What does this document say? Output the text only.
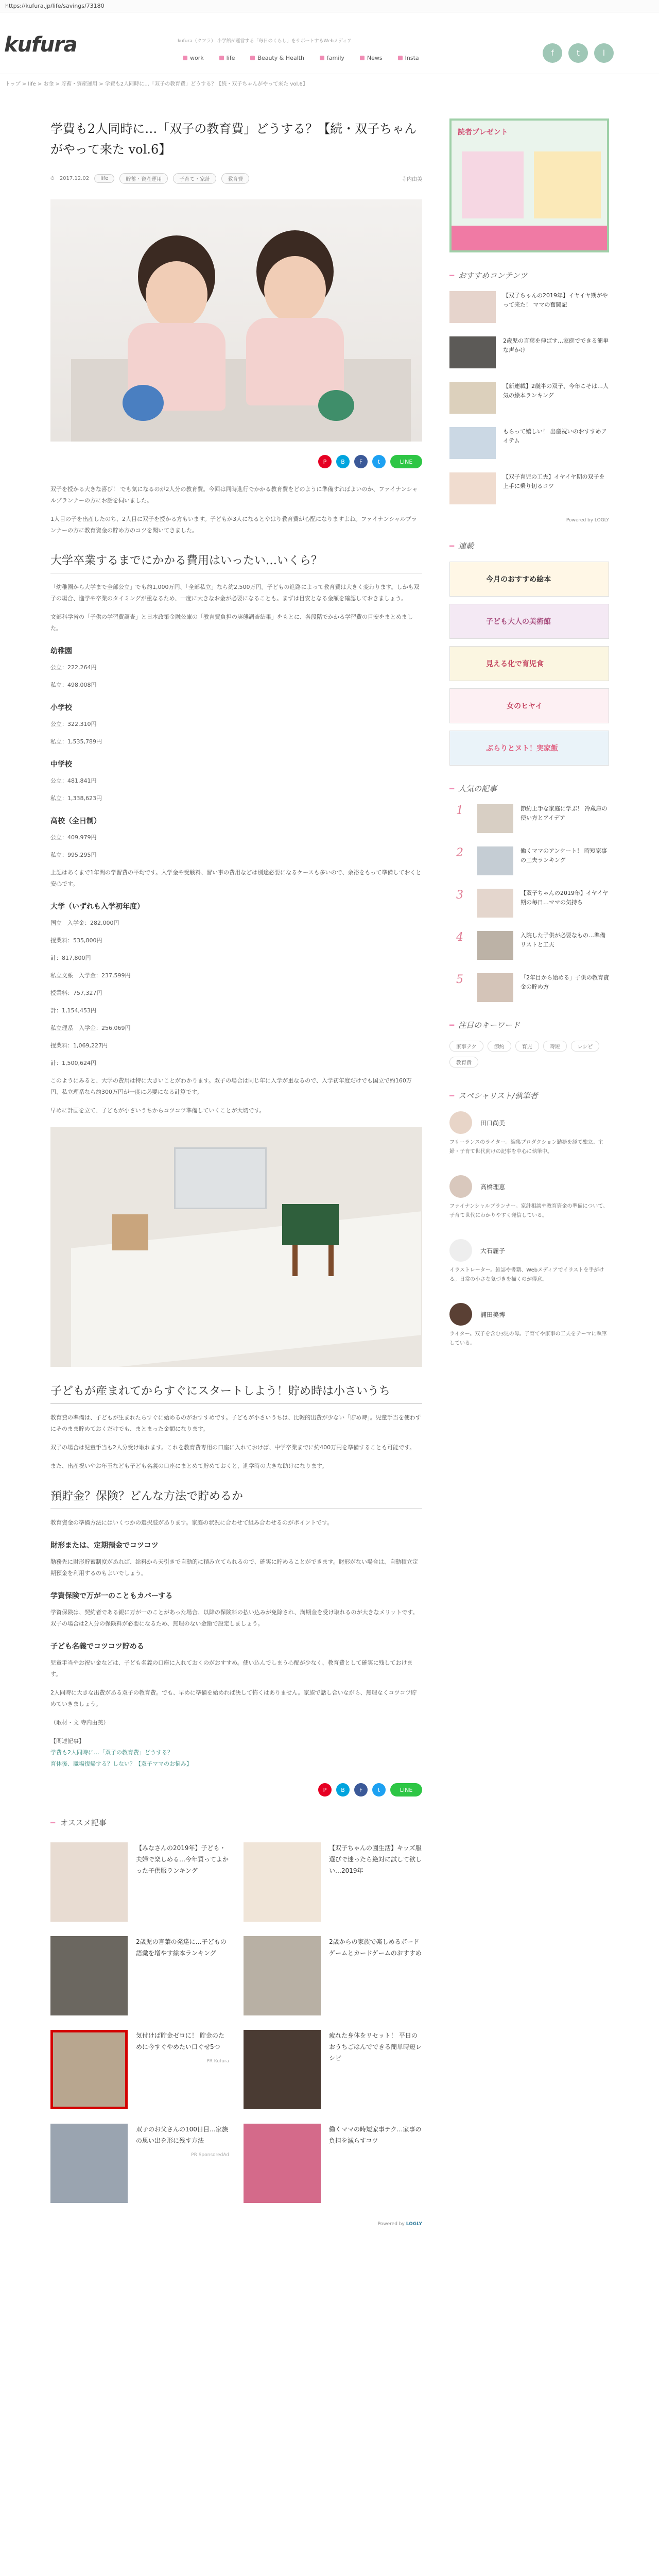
https://kufura.jp/life/savings/73180
kufura	kufura（クフラ） 小学館が運営する「毎日のくらし」をサポートするWebメディア
work	life	Beauty & Health	family	News	Insta
f	t	l
トップ > life > お金 > 貯蓄・資産運用 > 学費も2人同時に…「双子の教育費」どうする？【続・双子ちゃんがやって来た vol.6】
学費も2人同時に…「双子の教育費」どうする？【続・双子ちゃんがやって来た vol.6】
⏱ 2017.12.02	life	貯蓄・資産運用	子育て・家計	教育費	寺内由美
P	B	F	t	LINE

双子を授かる大きな喜び！ でも気になるのが2人分の教育費。今回は同時進行でかかる教育費をどのように準備すればよいのか、ファイナンシャルプランナーの方にお話を伺いました。

1人目の子を出産したのち、2人目に双子を授かる方もいます。子どもが3人になるとやはり教育費が心配になりますよね。ファイナンシャルプランナーの方に教育資金の貯め方のコツを聞いてきました。

大学卒業するまでにかかる費用はいったい…いくら？

「幼稚園から大学まで全部公立」でも約1,000万円、「全部私立」なら約2,500万円。子どもの進路によって教育費は大きく変わります。しかも双子の場合、進学や卒業のタイミングが重なるため、一度に大きなお金が必要になることも。まずは目安となる金額を確認しておきましょう。

文部科学省の「子供の学習費調査」と日本政策金融公庫の「教育費負担の実態調査結果」をもとに、各段階でかかる学習費の目安をまとめました。

幼稚園
公立：222,264円
私立：498,008円
小学校
公立：322,310円
私立：1,535,789円
中学校
公立：481,841円
私立：1,338,623円
高校（全日制）
公立：409,979円
私立：995,295円

上記はあくまで1年間の学習費の平均です。入学金や受験料、習い事の費用などは別途必要になるケースも多いので、余裕をもって準備しておくと安心です。

大学（いずれも入学初年度）
国立　入学金：282,000円
授業料：535,800円
計：817,800円
私立文系　入学金：237,599円
授業料：757,327円
計：1,154,453円
私立理系　入学金：256,069円
授業料：1,069,227円
計：1,500,624円

このようにみると、大学の費用は特に大きいことがわかります。双子の場合は同じ年に入学が重なるので、入学初年度だけでも国立で約160万円、私立理系なら約300万円が一度に必要になる計算です。

早めに計画を立て、子どもが小さいうちからコツコツ準備していくことが大切です。

子どもが産まれてからすぐにスタートしよう！貯め時は小さいうち

教育費の準備は、子どもが生まれたらすぐに始めるのがおすすめです。子どもが小さいうちは、比較的出費が少ない「貯め時」。児童手当を使わずにそのまま貯めておくだけでも、まとまった金額になります。

双子の場合は児童手当も2人分受け取れます。これを教育費専用の口座に入れておけば、中学卒業までに約400万円を準備することも可能です。

また、出産祝いやお年玉なども子ども名義の口座にまとめて貯めておくと、進学時の大きな助けになります。

預貯金？保険？どんな方法で貯めるか

教育資金の準備方法にはいくつかの選択肢があります。家庭の状況に合わせて組み合わせるのがポイントです。

財形または、定期預金でコツコツ

勤務先に財形貯蓄制度があれば、給料から天引きで自動的に積み立てられるので、確実に貯めることができます。財形がない場合は、自動積立定期預金を利用するのもよいでしょう。

学資保険で万が一のこともカバーする

学資保険は、契約者である親に万が一のことがあった場合、以降の保険料の払い込みが免除され、満期金を受け取れるのが大きなメリットです。双子の場合は2人分の保険料が必要になるため、無理のない金額で設定しましょう。

子ども名義でコツコツ貯める

児童手当やお祝い金などは、子ども名義の口座に入れておくのがおすすめ。使い込んでしまう心配が少なく、教育費として確実に残しておけます。

2人同時に大きな出費がある双子の教育費。でも、早めに準備を始めれば決して怖くはありません。家族で話し合いながら、無理なくコツコツ貯めていきましょう。

（取材・文 寺内由美）

【関連記事】
学費も2人同時に…「双子の教育費」どうする？
育休後、職場復帰する？しない？【双子ママのお悩み】
P	B	F	t	LINE
━ オススメ記事
【みなさんの2019年】子ども・夫婦で楽しめる…今年買ってよかった子供服ランキング
【双子ちゃんの園生活】キッズ服選びで迷ったら絶対に試して欲しい…2019年
2歳児の言葉の発達に…子どもの語彙を増やす絵本ランキング
2歳からの家族で楽しめるボードゲームとカードゲームのおすすめ
気付けば貯金ゼロに！ 貯金のために今すぐやめたい口ぐせ5つ
PR Kufura
疲れた身体をリセット！ 平日のおうちごはんでできる簡単時短レシピ
双子のお父さんの100日目…家族の思い出を形に残す方法
PR SponsoredAd
働くママの時短家事テク…家事の負担を減らすコツ
Powered by LOGLY
読者プレゼント
━ おすすめコンテンツ

【双子ちゃんの2019年】イヤイヤ期がやって来た！ ママの奮闘記

2歳児の言葉を伸ばす…家庭でできる簡単な声かけ

【新連載】2歳半の双子、今年こそは…人気の絵本ランキング

もらって嬉しい！ 出産祝いのおすすめアイテム

【双子育児の工夫】イヤイヤ期の双子を上手に乗り切るコツ

Powered by LOGLY
━ 連載
今月のおすすめ絵本
子ども大人の美術館
見える化で育児食
女のヒヤイ
ぶらりとヌト！実家飯
━ 人気の記事
1	節約上手な家庭に学ぶ！ 冷蔵庫の使い方とアイデア

2	働くママのアンケート！ 時短家事の工夫ランキング

3	【双子ちゃんの2019年】イヤイヤ期の毎日…ママの気持ち

4	入院した子供が必要なもの…準備リストと工夫

5	「2年目から始める」子供の教育資金の貯め方

━ 注目のキーワード
家事テク	節約	育児	時短	レシピ教育費
━ スペシャリスト/執筆者
田口尚美
フリーランスのライター。編集プロダクション勤務を経て独立。主婦・子育て世代向けの記事を中心に執筆中。
高橋理恵
ファイナンシャルプランナー。家計相談や教育資金の準備について、子育て世代にわかりやすく発信している。
大石麗子
イラストレーター。雑誌や書籍、Webメディアでイラストを手がける。日常の小さな気づきを描くのが得意。
浦田美博
ライター。双子を含む3児の母。子育てや家事の工夫をテーマに執筆している。
